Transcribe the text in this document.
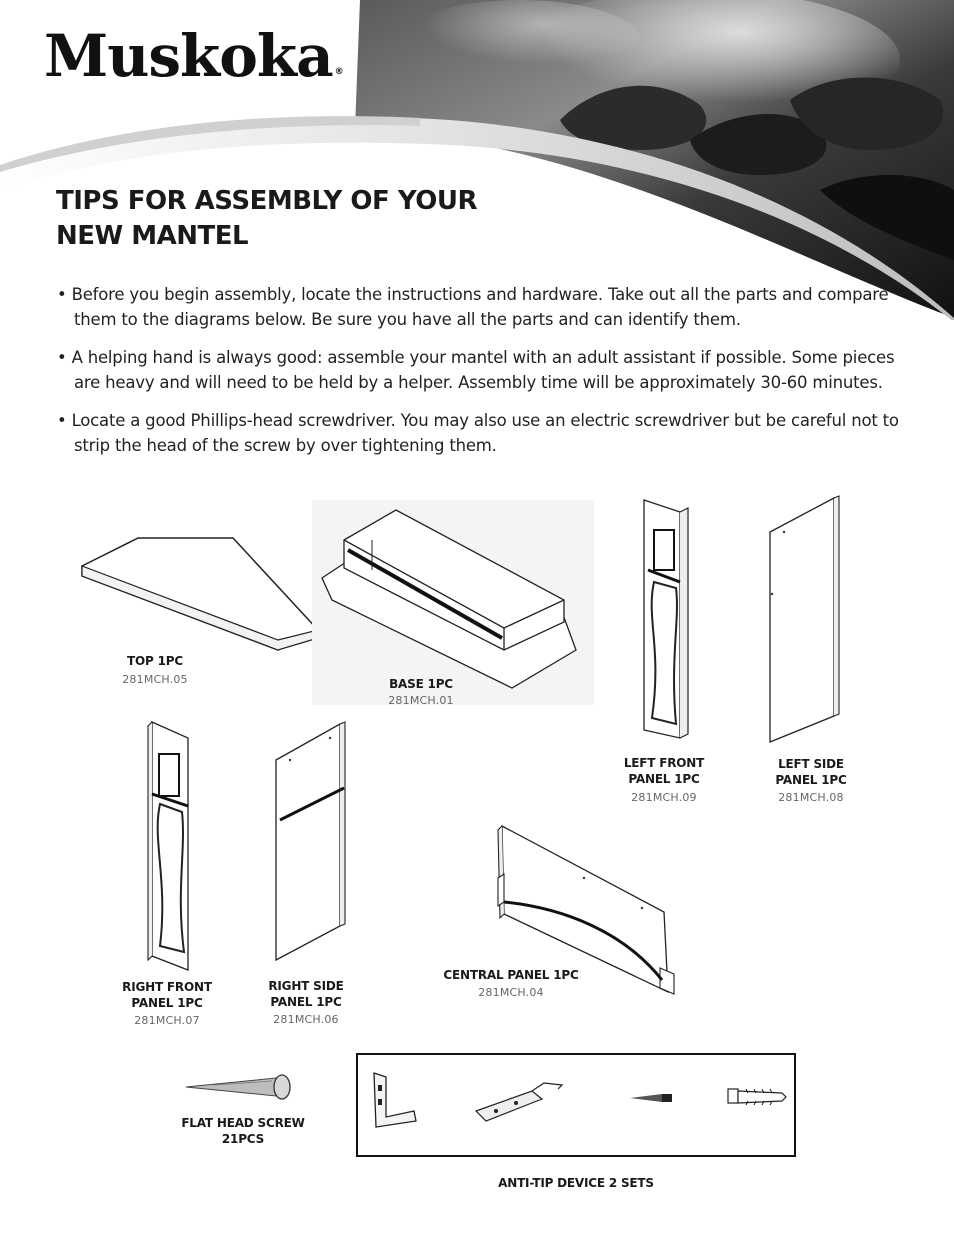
Muskoka ®
TIPS FOR ASSEMBLY OF YOUR
NEW MANTEL

• Before you begin assembly, locate the instructions and hardware. Take out all the parts and compare them to the diagrams below. Be sure you have all the parts and can identify them.

• A helping hand is always good: assemble your mantel with an adult assistant if possible. Some pieces are heavy and will need to be held by a helper. Assembly time will be approximately 30-60 minutes.

• Locate a good Phillips-head screwdriver. You may also use an electric screwdriver but be careful not to strip the head of the screw by over tightening them.

TOP 1PC
281MCH.05	BASE 1PC
281MCH.01
LEFT FRONT
PANEL 1PC
281MCH.09
LEFT SIDE
PANEL 1PC
281MCH.08
RIGHT FRONT
PANEL 1PC
281MCH.07
RIGHT SIDE
PANEL 1PC
281MCH.06
CENTRAL PANEL 1PC
281MCH.04
FLAT HEAD SCREW
21PCS
ANTI-TIP DEVICE 2 SETS
